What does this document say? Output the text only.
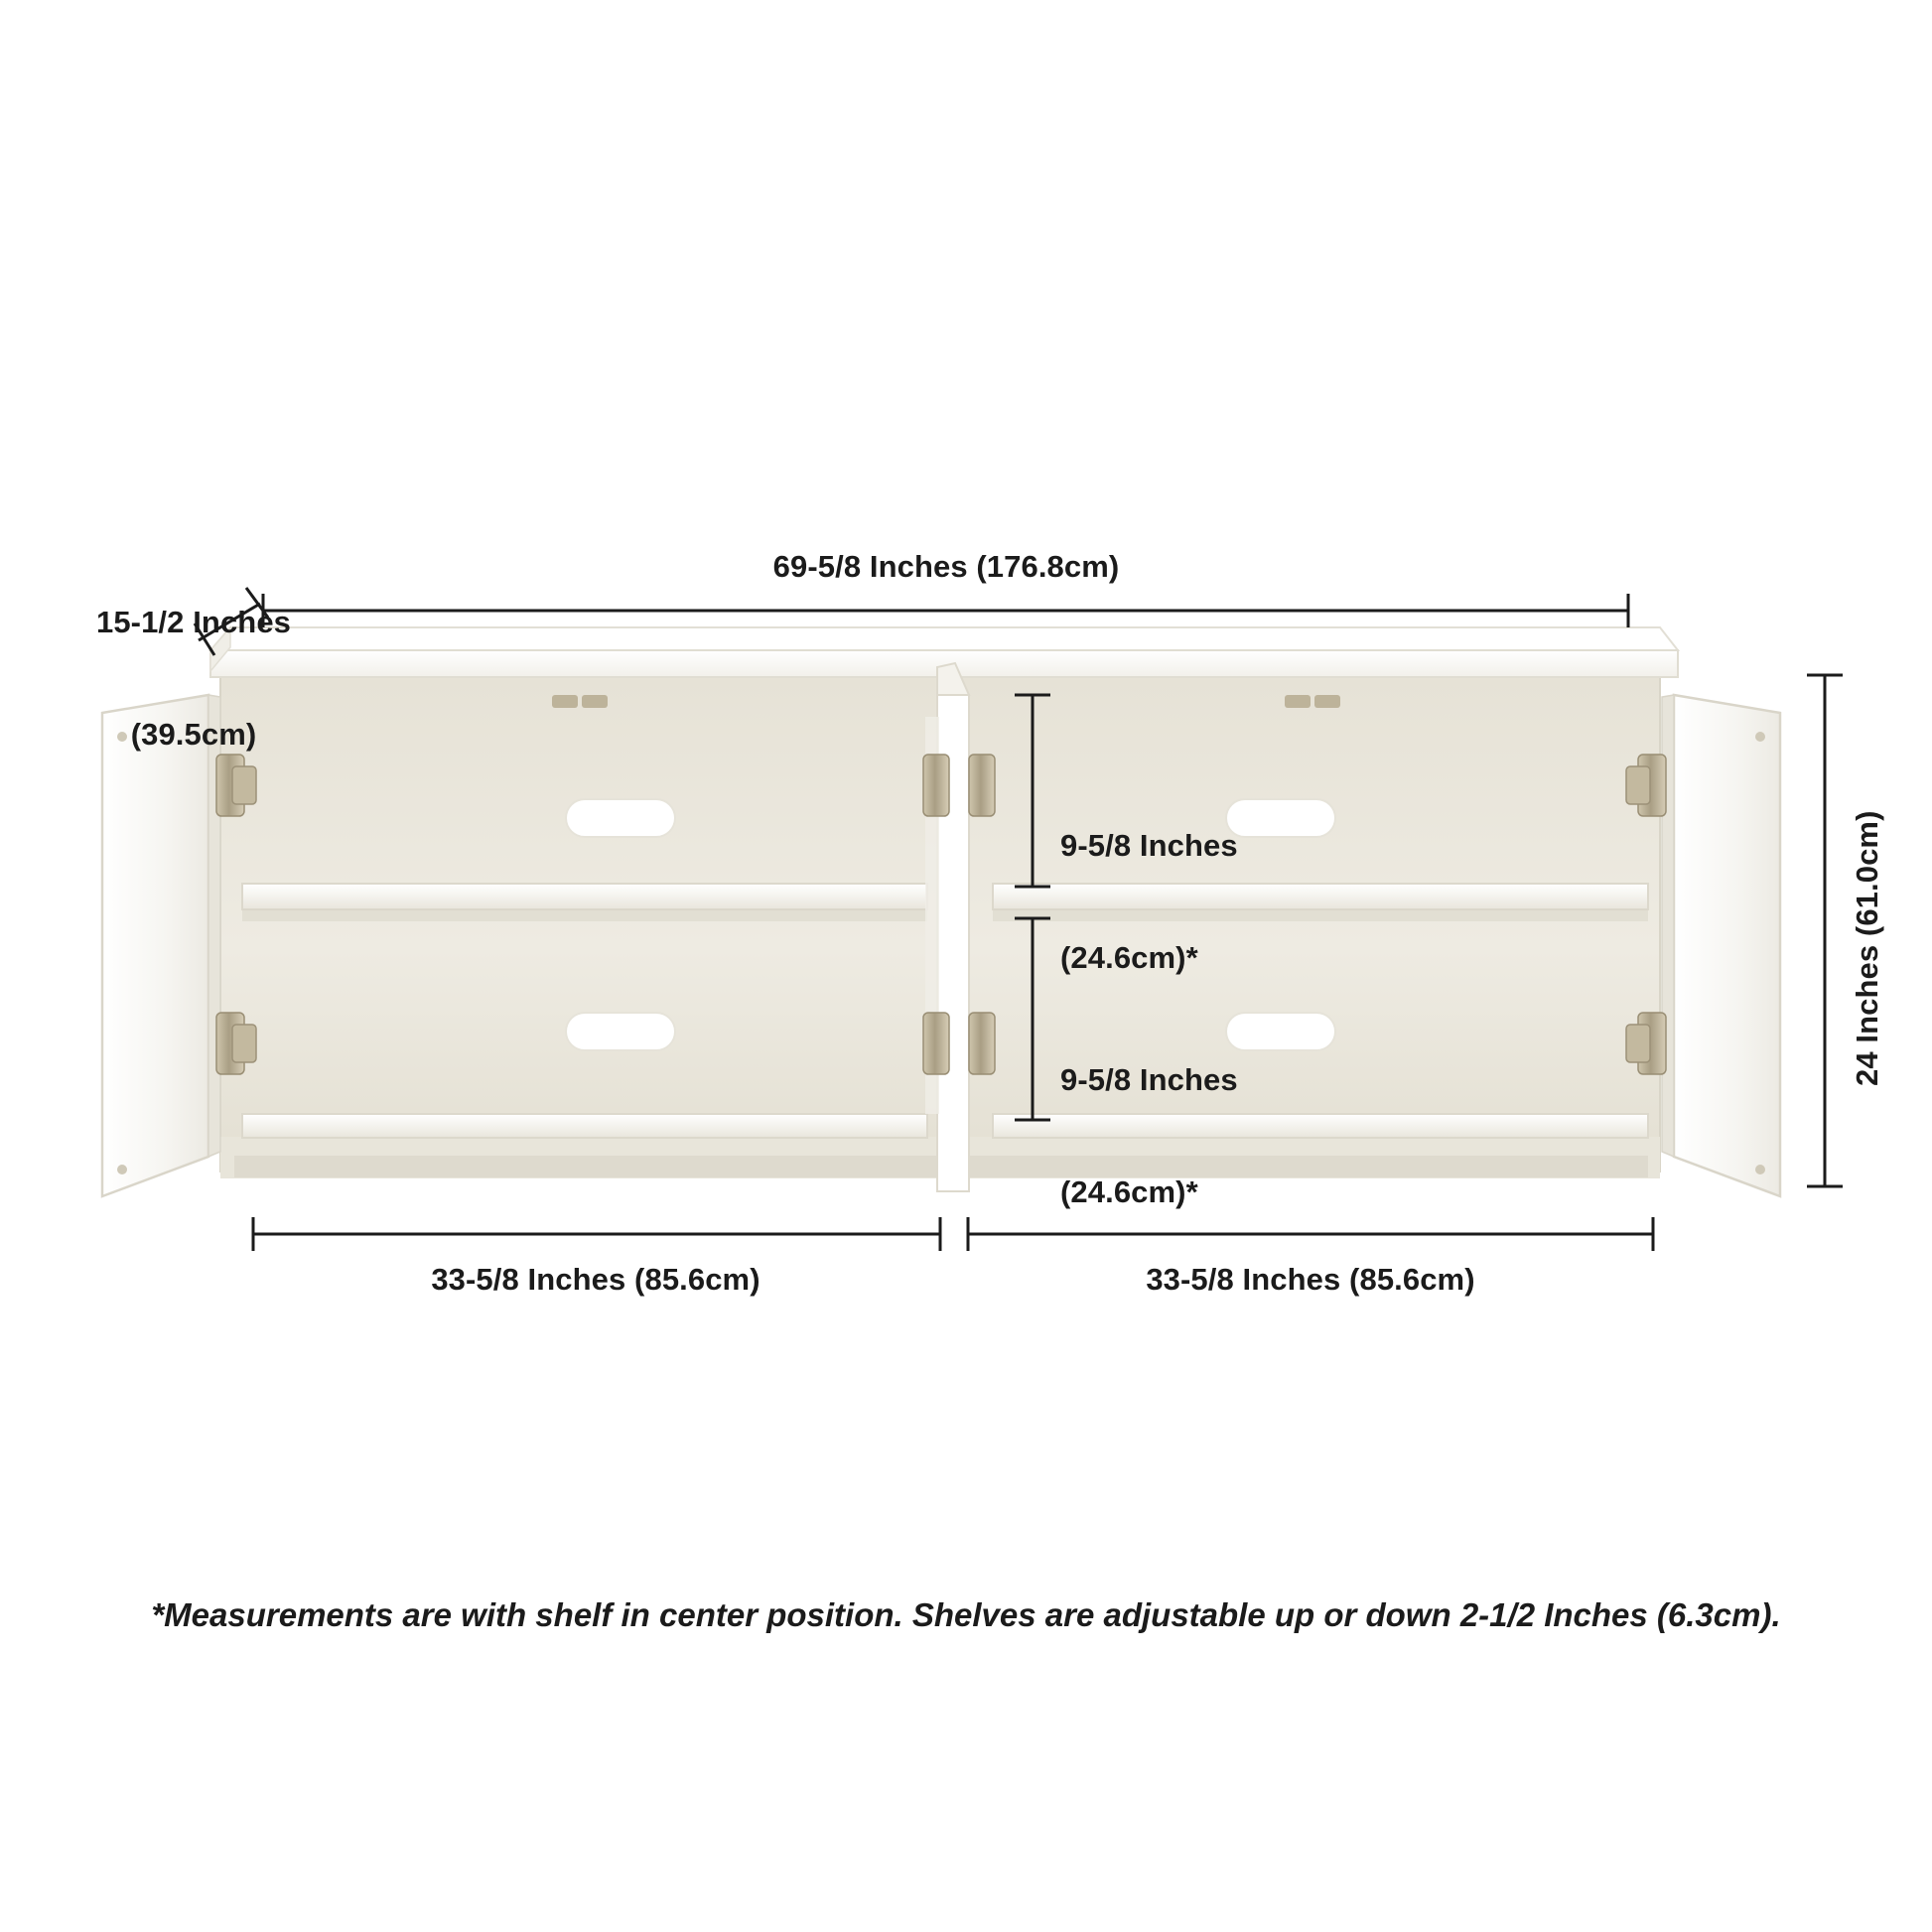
15-1/2 Inches

(39.5cm)

69-5/8 Inches (176.8cm)
24 Inches (61.0cm)

9-5/8 Inches

(24.6cm)*

9-5/8 Inches

(24.6cm)*

33-5/8 Inches (85.6cm)	33-5/8 Inches (85.6cm)
*Measurements are with shelf in center position. Shelves are adjustable up or down 2-1/2 Inches (6.3cm).
